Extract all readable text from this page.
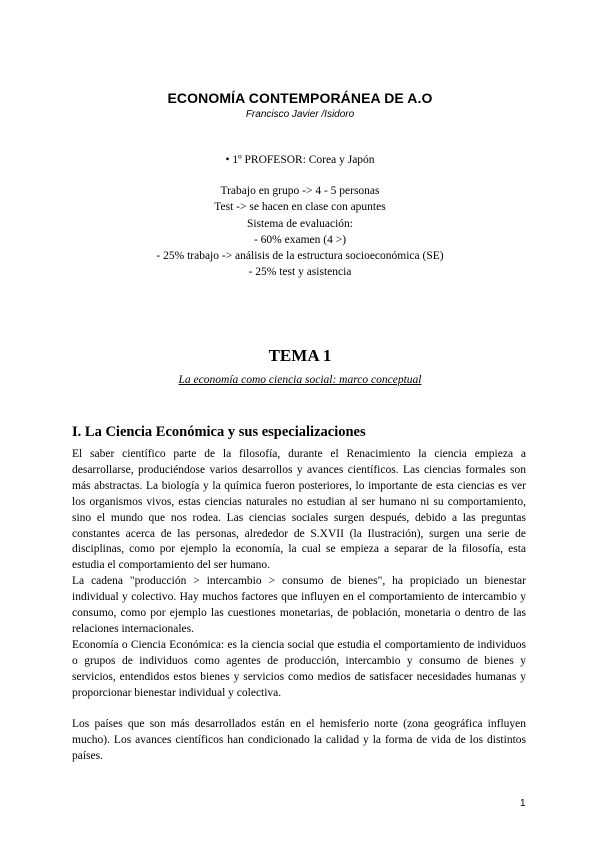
ECONOMÍA CONTEMPORÁNEA DE A.O
Francisco Javier /Isidoro
• 1º PROFESOR: Corea y Japón
Trabajo en grupo -> 4 - 5 personas
Test -> se hacen en clase con apuntes
Sistema de evaluación:
- 60% examen (4 >)
- 25% trabajo -> análisis de la estructura socioeconómica (SE)
- 25% test y asistencia
TEMA 1
La economía como ciencia social: marco conceptual
I. La Ciencia Económica y sus especializaciones

El saber científico parte de la filosofía, durante el Renacimiento la ciencia empieza a desarrollarse, produciéndose varios desarrollos y avances científicos. Las ciencias formales son más abstractas. La biología y la química fueron posteriores, lo importante de esta ciencias es ver los organismos vivos, estas ciencias naturales no estudian al ser humano ni su comportamiento, sino el mundo que nos rodea. Las ciencias sociales surgen después, debido a las preguntas constantes acerca de las personas, alrededor de S.XVII (la Ilustración), surgen una serie de disciplinas, como por ejemplo la economía, la cual se empieza a separar de la filosofía, esta estudia el comportamiento del ser humano.

La cadena "producción > intercambio > consumo de bienes", ha propiciado un bienestar individual y colectivo. Hay muchos factores que influyen en el comportamiento de intercambio y consumo, como por ejemplo las cuestiones monetarias, de población, monetaria o dentro de las relaciones internacionales.

Economía o Ciencia Económica: es la ciencia social que estudia el comportamiento de individuos o grupos de individuos como agentes de producción, intercambio y consumo de bienes y servicios, entendidos estos bienes y servicios como medios de satisfacer necesidades humanas y proporcionar bienestar individual y colectiva.

Los países que son más desarrollados están en el hemisferio norte (zona geográfica influyen mucho). Los avances científicos han condicionado la calidad y la forma de vida de los distintos países.

1
